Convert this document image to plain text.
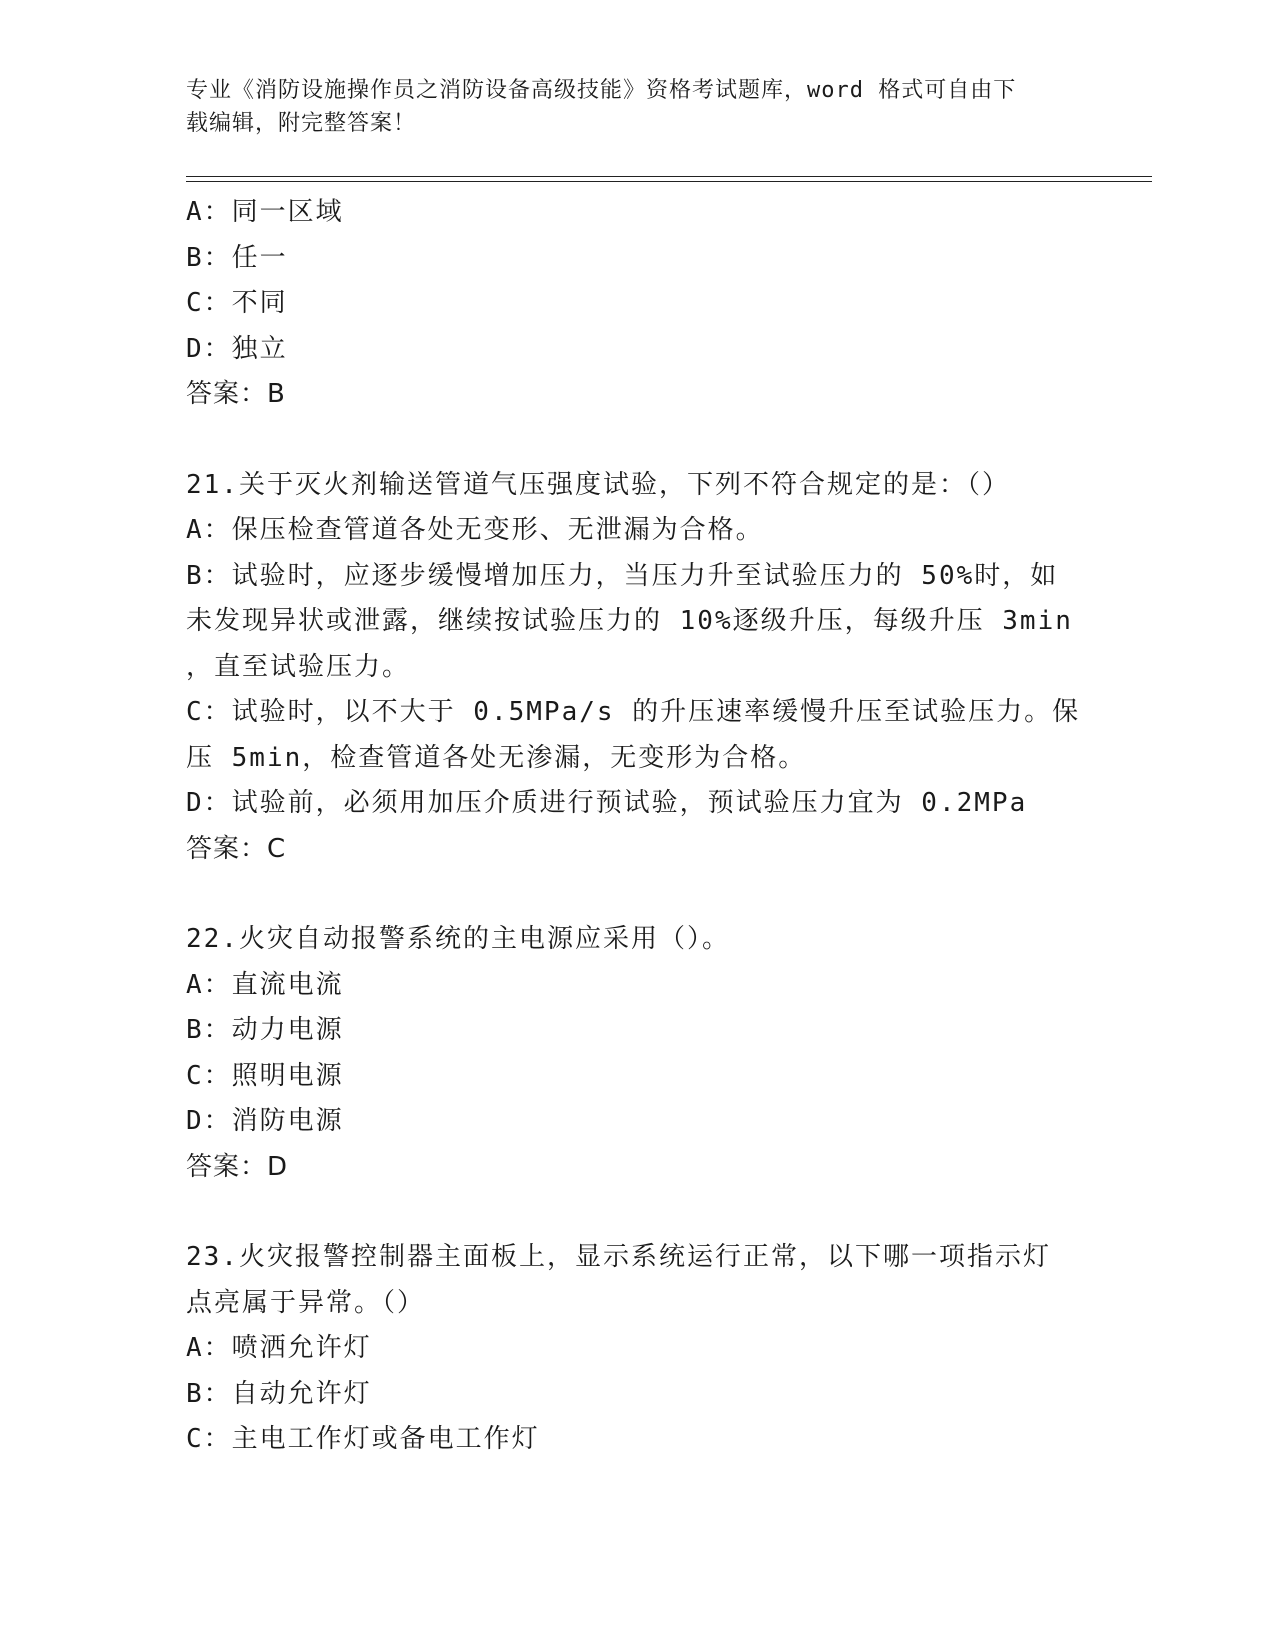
专业《消防设施操作员之消防设备高级技能》资格考试题库，word 格式可自由下
载编辑，附完整答案！

A：同一区域

B：任一

C：不同

D：独立

答案：B

21.关于灭火剂输送管道气压强度试验，下列不符合规定的是：（）

A：保压检查管道各处无变形、无泄漏为合格。

B：试验时，应逐步缓慢增加压力，当压力升至试验压力的 50%时，如

未发现异状或泄露，继续按试验压力的 10%逐级升压，每级升压 3min

，直至试验压力。

C：试验时，以不大于 0.5MPa/s 的升压速率缓慢升压至试验压力。保

压 5min，检查管道各处无渗漏，无变形为合格。

D：试验前，必须用加压介质进行预试验，预试验压力宜为 0.2MPa

答案：C

22.火灾自动报警系统的主电源应采用（）。

A：直流电流

B：动力电源

C：照明电源

D：消防电源

答案：D

23.火灾报警控制器主面板上，显示系统运行正常，以下哪一项指示灯

点亮属于异常。（）

A：喷洒允许灯

B：自动允许灯

C：主电工作灯或备电工作灯
